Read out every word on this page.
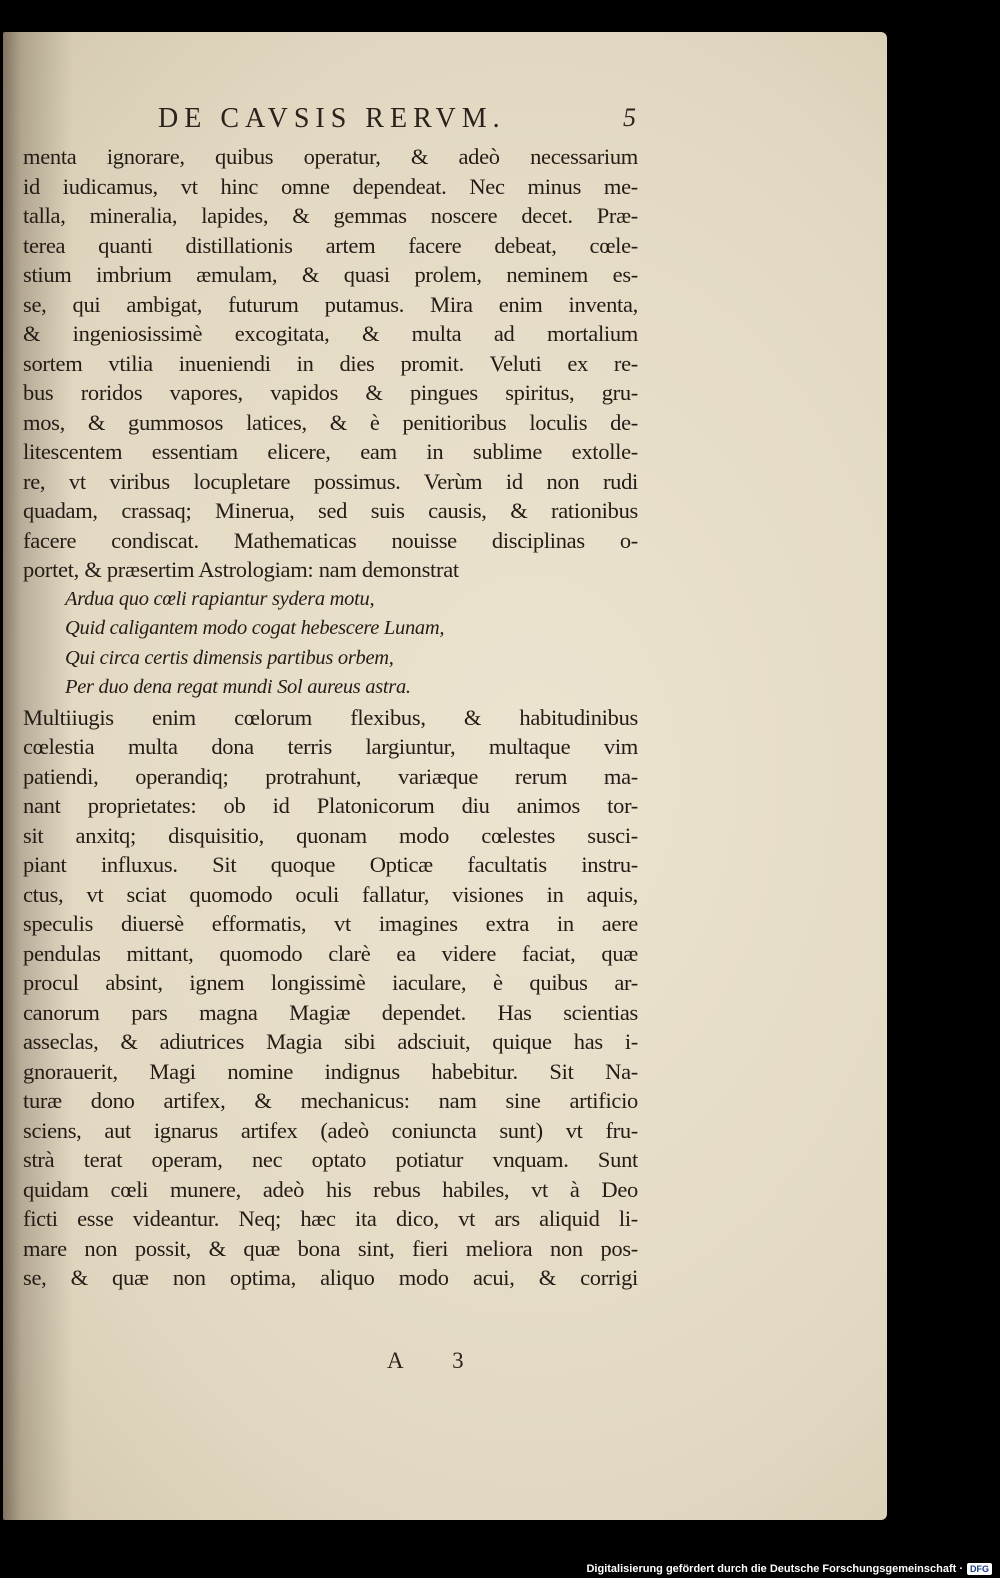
DE CAVSIS RERVM.	5
menta ignorare, quibus operatur, & adeò necessarium
id iudicamus, vt hinc omne dependeat. Nec minus me-
talla, mineralia, lapides, & gemmas noscere decet. Præ-
terea quanti distillationis artem facere debeat, cœle-
stium imbrium æmulam, & quasi prolem, neminem es-
se, qui ambigat, futurum putamus. Mira enim inventa,
& ingeniosissimè excogitata, & multa ad mortalium
sortem vtilia inueniendi in dies promit. Veluti ex re-
bus roridos vapores, vapidos & pingues spiritus, gru-
mos, & gummosos latices, & è penitioribus loculis de-
litescentem essentiam elicere, eam in sublime extolle-
re, vt viribus locupletare possimus. Verùm id non rudi
quadam, crassaq; Minerua, sed suis causis, & rationibus
facere condiscat. Mathematicas nouisse disciplinas o-
portet, & præsertim Astrologiam: nam demonstrat
Ardua quo cœli rapiantur sydera motu,
Quid caligantem modo cogat hebescere Lunam,
Qui circa certis dimensis partibus orbem,
Per duo dena regat mundi Sol aureus astra.
Multiiugis enim cœlorum flexibus, & habitudinibus
cœlestia multa dona terris largiuntur, multaque vim
patiendi, operandiq; protrahunt, variæque rerum ma-
nant proprietates: ob id Platonicorum diu animos tor-
sit anxitq; disquisitio, quonam modo cœlestes susci-
piant influxus. Sit quoque Opticæ facultatis instru-
ctus, vt sciat quomodo oculi fallatur, visiones in aquis,
speculis diuersè efformatis, vt imagines extra in aere
pendulas mittant, quomodo clarè ea videre faciat, quæ
procul absint, ignem longissimè iaculare, è quibus ar-
canorum pars magna Magiæ dependet. Has scientias
asseclas, & adiutrices Magia sibi adsciuit, quique has i-
gnorauerit, Magi nomine indignus habebitur. Sit Na-
turæ dono artifex, & mechanicus: nam sine artificio
sciens, aut ignarus artifex (adeò coniuncta sunt) vt fru-
strà terat operam, nec optato potiatur vnquam. Sunt
quidam cœli munere, adeò his rebus habiles, vt à Deo
ficti esse videantur. Neq; hæc ita dico, vt ars aliquid li-
mare non possit, & quæ bona sint, fieri meliora non pos-
se, & quæ non optima, aliquo modo acui, & corrigi
A 3
Digitalisierung gefördert durch die Deutsche Forschungsgemeinschaft · DFG
